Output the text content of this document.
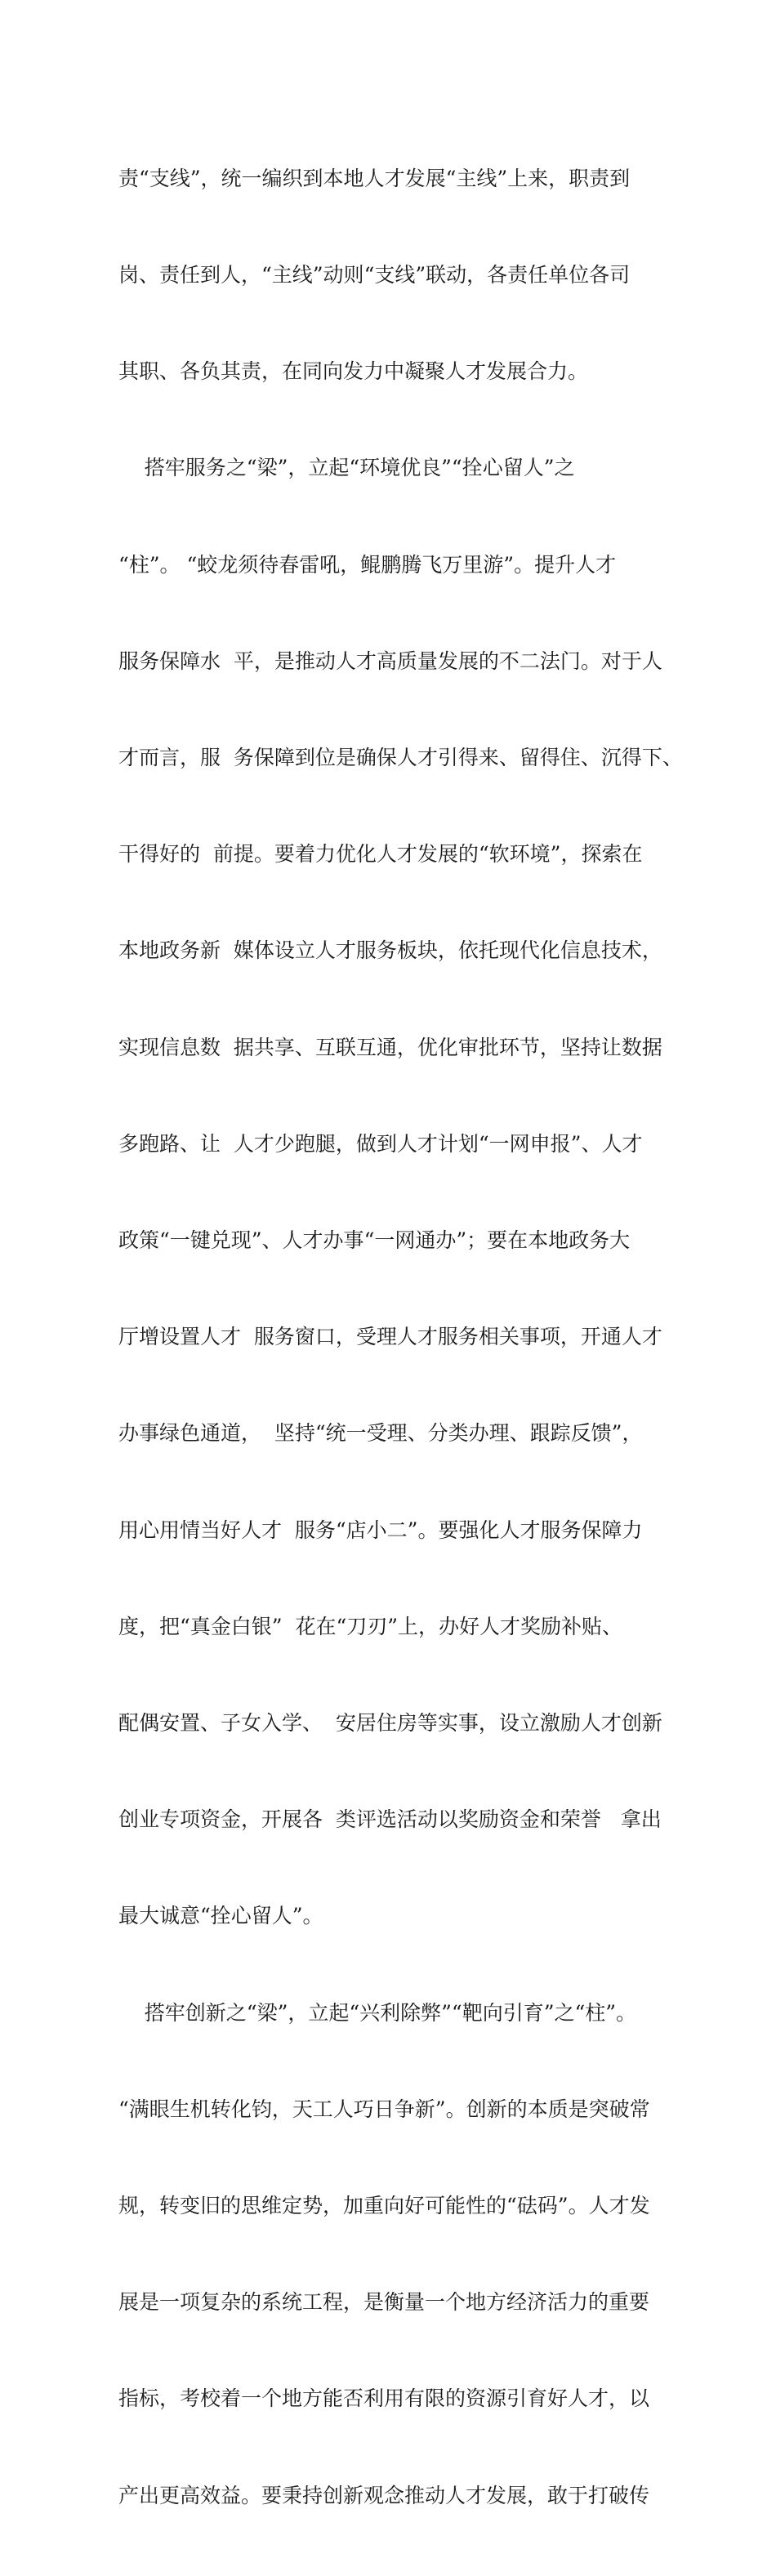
责“支线”，统一编织到本地人才发展“主线”上来，职责到

岗、责任到人，“主线”动则“支线”联动，各责任单位各司

其职、各负其责，在同向发力中凝聚人才发展合力。

搭牢服务之“梁”，立起“环境优良”“拴心留人”之

“柱”。 “蛟龙须待春雷吼，鲲鹏腾飞万里游”。提升人才

服务保障水  平，是推动人才高质量发展的不二法门。对于人

才而言，服  务保障到位是确保人才引得来、留得住、沉得下、

干得好的  前提。要着力优化人才发展的“软环境”，探索在

本地政务新  媒体设立人才服务板块，依托现代化信息技术，

实现信息数  据共享、互联互通，优化审批环节，坚持让数据

多跑路、让  人才少跑腿，做到人才计划“一网申报”、人才

政策“一键兑现”、人才办事“一网通办”；要在本地政务大

厅增设置人才  服务窗口，受理人才服务相关事项，开通人才

办事绿色通道，  坚持“统一受理、分类办理、跟踪反馈”，

用心用情当好人才  服务“店小二”。要强化人才服务保障力

度，把“真金白银”  花在“刀刃”上，办好人才奖励补贴、

配偶安置、子女入学、  安居住房等实事，设立激励人才创新

创业专项资金，开展各  类评选活动以奖励资金和荣誉   拿出

最大诚意“拴心留人”。

搭牢创新之“梁”，立起“兴利除弊”“靶向引育”之“柱”。

“满眼生机转化钧，天工人巧日争新”。创新的本质是突破常

规，转变旧的思维定势，加重向好可能性的“砝码”。人才发

展是一项复杂的系统工程，是衡量一个地方经济活力的重要

指标，考校着一个地方能否利用有限的资源引育好人才，以

产出更高效益。要秉持创新观念推动人才发展，敢于打破传
